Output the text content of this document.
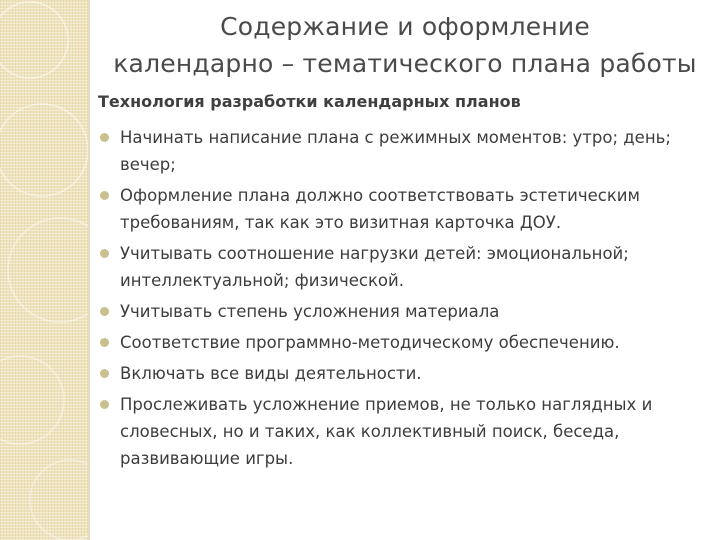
Содержание и оформление
календарно – тематического плана работы
Технология разработки календарных планов
Начинать написание плана с режимных моментов: утро; день; вечер;
Оформление плана должно соответствовать эстетическим требованиям, так как это визитная карточка ДОУ.
Учитывать соотношение нагрузки детей: эмоциональной; интеллектуальной; физической.
Учитывать степень усложнения материала
Соответствие программно-методическому обеспечению.
Включать все виды деятельности.
Прослеживать усложнение приемов, не только наглядных и словесных, но и таких, как коллективный поиск, беседа, развивающие игры.
